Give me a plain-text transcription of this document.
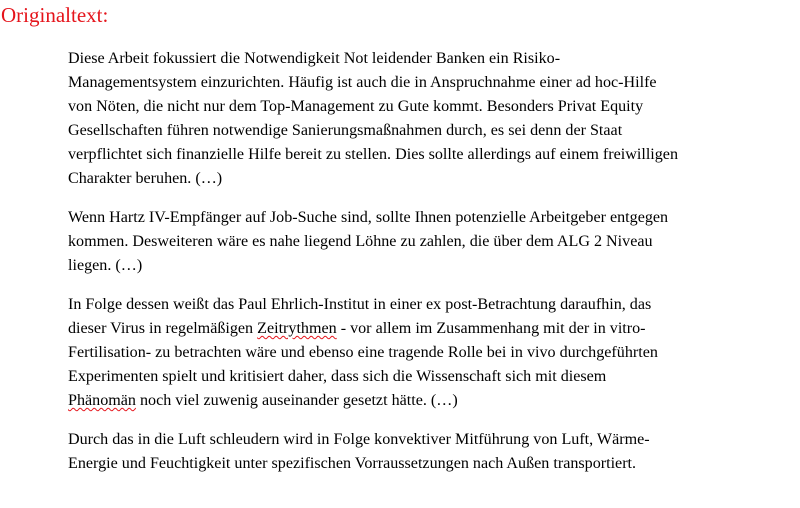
Originaltext:

Diese Arbeit fokussiert die Notwendigkeit Not leidender Banken ein Risiko-
Managementsystem einzurichten. Häufig ist auch die in Anspruchnahme einer ad hoc-Hilfe
von Nöten, die nicht nur dem Top-Management zu Gute kommt. Besonders Privat Equity
Gesellschaften führen notwendige Sanierungsmaßnahmen durch, es sei denn der Staat
verpflichtet sich finanzielle Hilfe bereit zu stellen. Dies sollte allerdings auf einem freiwilligen
Charakter beruhen. (…)

Wenn Hartz IV-Empfänger auf Job-Suche sind, sollte Ihnen potenzielle Arbeitgeber entgegen
kommen. Desweiteren wäre es nahe liegend Löhne zu zahlen, die über dem ALG 2 Niveau
liegen. (…)

In Folge dessen weißt das Paul Ehrlich-Institut in einer ex post-Betrachtung daraufhin, das
dieser Virus in regelmäßigen Zeitrythmen - vor allem im Zusammenhang mit der in vitro-
Fertilisation- zu betrachten wäre und ebenso eine tragende Rolle bei in vivo durchgeführten
Experimenten spielt und kritisiert daher, dass sich die Wissenschaft sich mit diesem
Phänomän noch viel zuwenig auseinander gesetzt hätte. (…)

Durch das in die Luft schleudern wird in Folge konvektiver Mitführung von Luft, Wärme-
Energie und Feuchtigkeit unter spezifischen Vorraussetzungen nach Außen transportiert.
